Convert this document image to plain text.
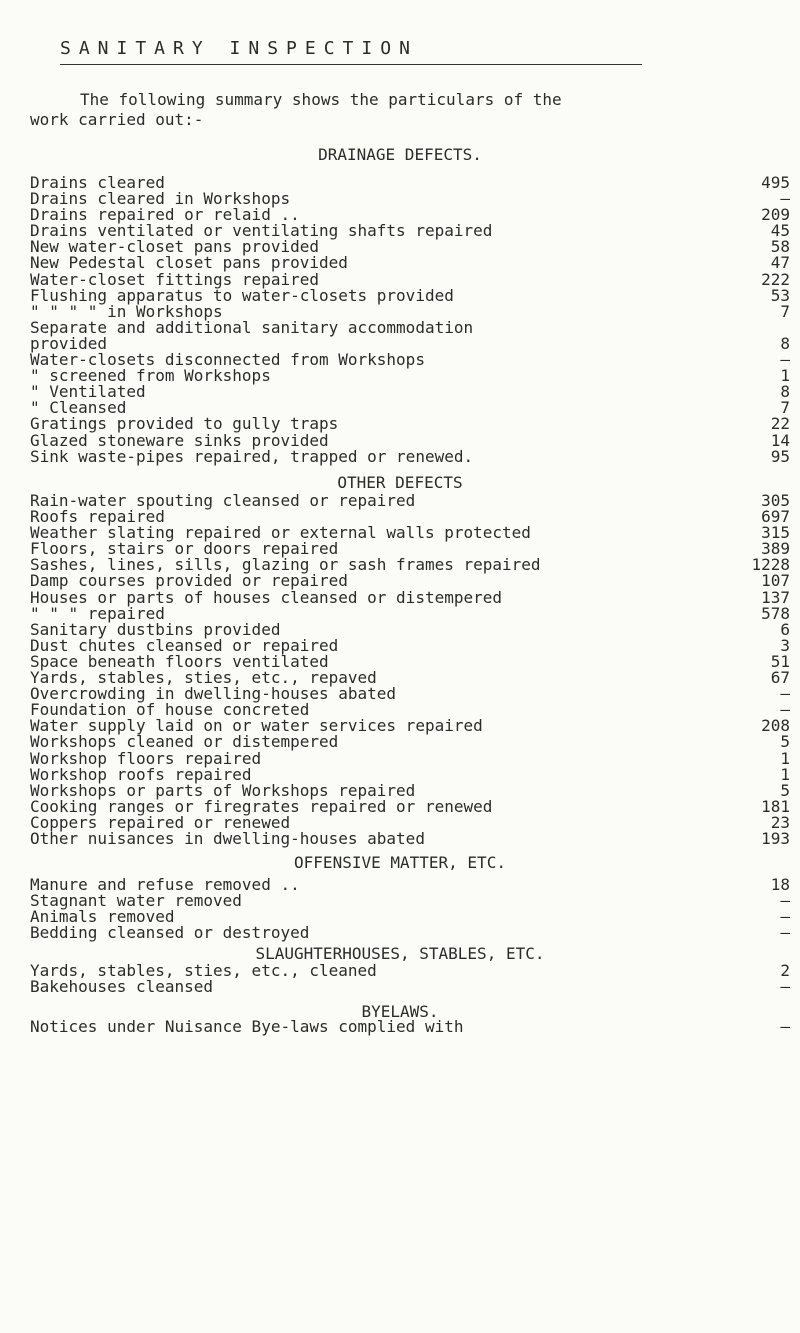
SANITARY INSPECTION
The following summary shows the particulars of the
work carried out:-
DRAINAGE DEFECTS.
Drains cleared	495
Drains cleared in Workshops	–
Drains repaired or relaid ..	209
Drains ventilated or ventilating shafts repaired	45
New water-closet pans provided	58
New Pedestal closet pans provided	47
Water-closet fittings repaired	222
Flushing apparatus to water-closets provided	53
" " " " in Workshops	7
Separate and additional sanitary accommodation
provided	8
Water-closets disconnected from Workshops	–
" screened from Workshops	1
" Ventilated	8
" Cleansed	7
Gratings provided to gully traps	22
Glazed stoneware sinks provided	14
Sink waste-pipes repaired, trapped or renewed.	95
OTHER DEFECTS
Rain-water spouting cleansed or repaired	305
Roofs repaired	697
Weather slating repaired or external walls protected	315
Floors, stairs or doors repaired	389
Sashes, lines, sills, glazing or sash frames repaired	1228
Damp courses provided or repaired	107
Houses or parts of houses cleansed or distempered	137
" " " repaired	578
Sanitary dustbins provided	6
Dust chutes cleansed or repaired	3
Space beneath floors ventilated	51
Yards, stables, sties, etc., repaved	67
Overcrowding in dwelling-houses abated	–
Foundation of house concreted	–
Water supply laid on or water services repaired	208
Workshops cleaned or distempered	5
Workshop floors repaired	1
Workshop roofs repaired	1
Workshops or parts of Workshops repaired	5
Cooking ranges or firegrates repaired or renewed	181
Coppers repaired or renewed	23
Other nuisances in dwelling-houses abated	193
OFFENSIVE MATTER, ETC.
Manure and refuse removed ..	18
Stagnant water removed	–
Animals removed	–
Bedding cleansed or destroyed	–
SLAUGHTERHOUSES, STABLES, ETC.
Yards, stables, sties, etc., cleaned	2
Bakehouses cleansed	–
BYELAWS.
Notices under Nuisance Bye-laws complied with	–
